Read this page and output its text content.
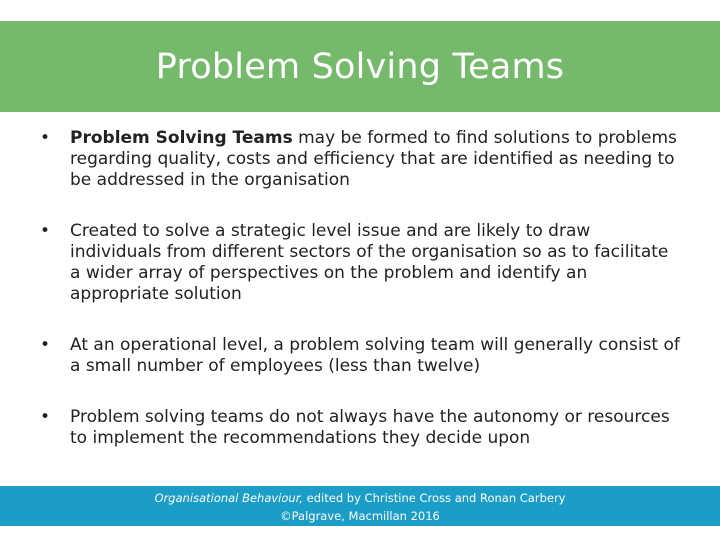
Problem Solving Teams
•	Problem Solving Teams may be formed to find solutions to problems regarding quality, costs and efficiency that are identified as needing to be addressed in the organisation
•	Created to solve a strategic level issue and are likely to draw individuals from different sectors of the organisation so as to facilitate a wider array of perspectives on the problem and identify an appropriate solution
•	At an operational level, a problem solving team will generally consist of a small number of employees (less than twelve)
•	Problem solving teams do not always have the autonomy or resources to implement the recommendations they decide upon
Organisational Behaviour, edited by Christine Cross and Ronan Carbery
©Palgrave, Macmillan 2016
